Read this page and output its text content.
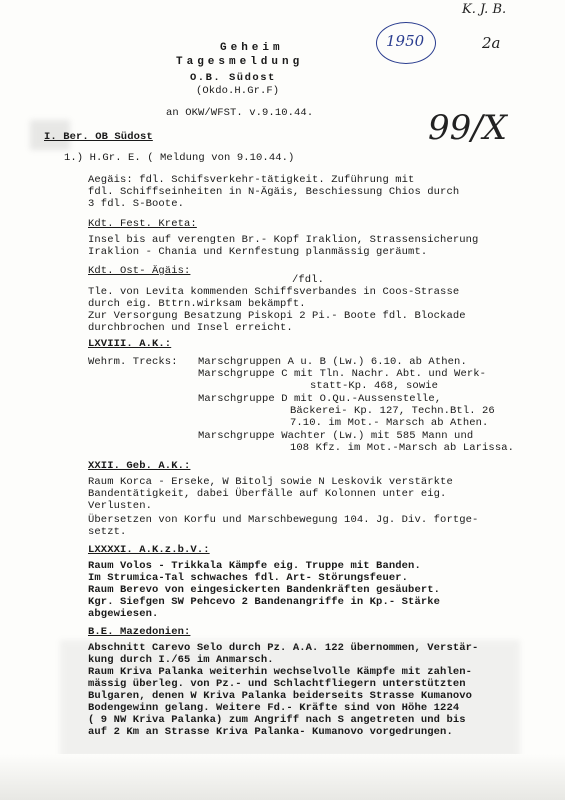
K. J. B.
1950	2a
99/X
Geheim
Tagesmeldung
O.B. Südost
(Okdo.H.Gr.F)
an OKW/WFST. v.9.10.44.
I. Ber. OB Südost
1.) H.Gr. E. ( Meldung von 9.10.44.)
Aegäis: fdl. Schifsverkehr-tätigkeit. Zuführung mit
fdl. Schiffseinheiten in N-Ägäis, Beschiessung Chios durch
3 fdl. S-Boote.
Kdt. Fest. Kreta:
Insel bis auf verengten Br.- Kopf Iraklion, Strassensicherung
Iraklion - Chania und Kernfestung planmässig geräumt.
Kdt. Ost- Ägäis:
/fdl.
Tle. von Levita kommenden Schiffsverbandes in Coos-Strasse
durch eig. Bttrn.wirksam bekämpft.
Zur Versorgung Besatzung Piskopi 2 Pi.- Boote fdl. Blockade
durchbrochen und Insel erreicht.
LXVIII. A.K.:
Wehrm. Trecks: Marschgruppen A u. B (Lw.) 6.10. ab Athen.
Marschgruppe C mit Tln. Nachr. Abt. und Werk-
statt-Kp. 468, sowie
Marschgruppe D mit O.Qu.-Aussenstelle,
Bäckerei- Kp. 127, Techn.Btl. 26
7.10. im Mot.- Marsch ab Athen.
Marschgruppe Wachter (Lw.) mit 585 Mann und
108 Kfz. im Mot.-Marsch ab Larissa.
XXII. Geb. A.K.:
Raum Korca - Erseke, W Bitolj sowie N Leskovik verstärkte
Bandentätigkeit, dabei Überfälle auf Kolonnen unter eig.
Verlusten.
Übersetzen von Korfu und Marschbewegung 104. Jg. Div. fortge-
setzt.
LXXXXI. A.K.z.b.V.:
Raum Volos - Trikkala Kämpfe eig. Truppe mit Banden.
Im Strumica-Tal schwaches fdl. Art- Störungsfeuer.
Raum Berevo von eingesickerten Bandenkräften gesäubert.
Kgr. Siefgen SW Pehcevo 2 Bandenangriffe in Kp.- Stärke
abgewiesen.
B.E. Mazedonien:
Abschnitt Carevo Selo durch Pz. A.A. 122 übernommen, Verstär-
kung durch I./65 im Anmarsch.
Raum Kriva Palanka weiterhin wechselvolle Kämpfe mit zahlen-
mässig überleg. von Pz.- und Schlachtfliegern unterstützten
Bulgaren, denen W Kriva Palanka beiderseits Strasse Kumanovo
Bodengewinn gelang. Weitere Fd.- Kräfte sind von Höhe 1224
( 9 NW Kriva Palanka) zum Angriff nach S angetreten und bis
auf 2 Km an Strasse Kriva Palanka- Kumanovo vorgedrungen.
